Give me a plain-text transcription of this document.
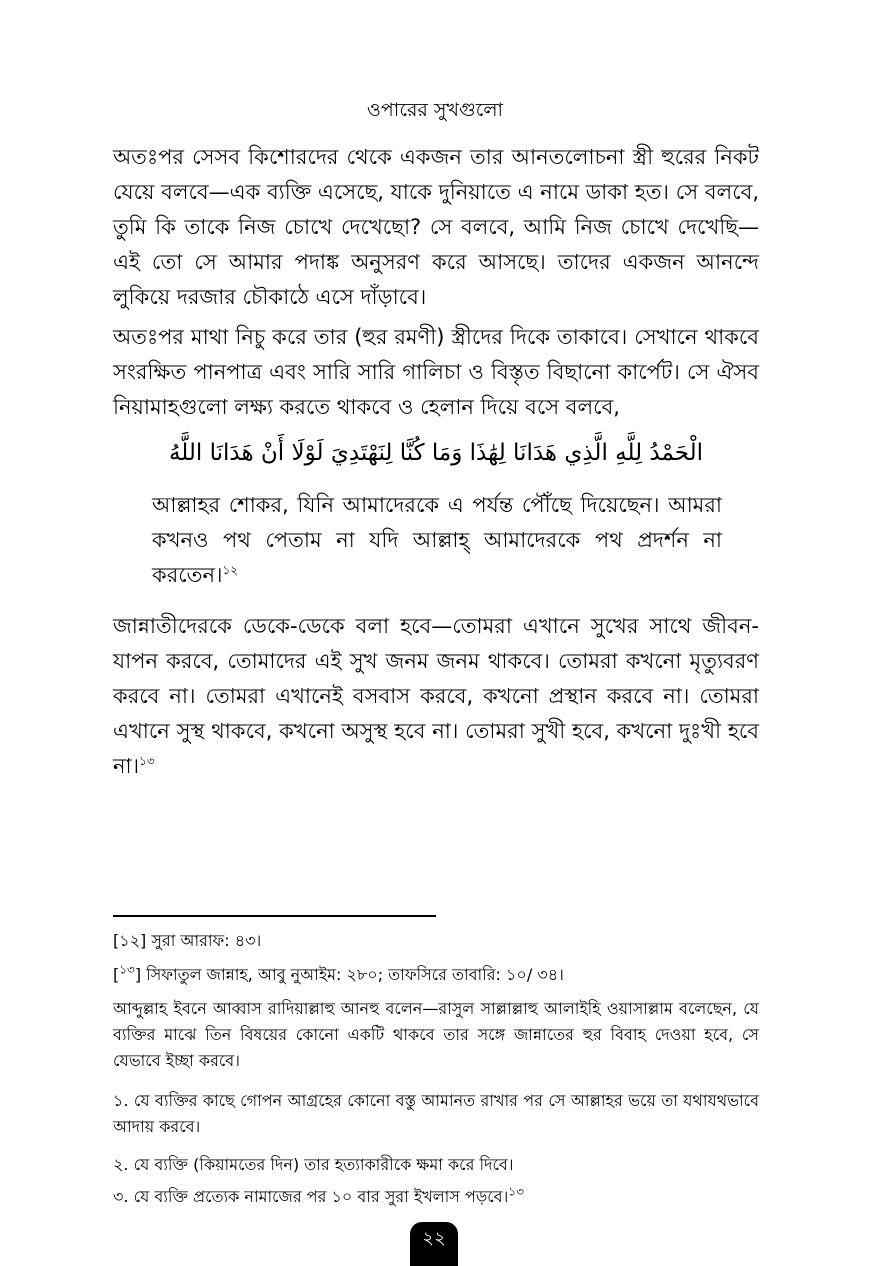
ওপারের সুখগুলো

অতঃপর সেসব কিশোরদের থেকে একজন তার আনতলোচনা স্ত্রী হুরের নিকট যেয়ে বলবে—এক ব্যক্তি এসেছে, যাকে দুনিয়াতে এ নামে ডাকা হত। সে বলবে, তুমি কি তাকে নিজ চোখে দেখেছো? সে বলবে, আমি নিজ চোখে দেখেছি—এই তো সে আমার পদাঙ্ক অনুসরণ করে আসছে। তাদের একজন আনন্দে লুকিয়ে দরজার চৌকাঠে এসে দাঁড়াবে।

অতঃপর মাথা নিচু করে তার (হুর রমণী) স্ত্রীদের দিকে তাকাবে। সেখানে থাকবে সংরক্ষিত পানপাত্র এবং সারি সারি গালিচা ও বিস্তৃত বিছানো কার্পেট। সে ঐসব নিয়ামাহগুলো লক্ষ্য করতে থাকবে ও হেলান দিয়ে বসে বলবে,

الْحَمْدُ لِلَّهِ الَّذِي هَدَانَا لِهَٰذَا وَمَا كُنَّا لِنَهْتَدِيَ لَوْلَا أَنْ هَدَانَا اللَّهُ

আল্লাহর শোকর, যিনি আমাদেরকে এ পর্যন্ত পৌঁছে দিয়েছেন। আমরা কখনও পথ পেতাম না যদি আল্লাহ্ আমাদেরকে পথ প্রদর্শন না করতেন।$^{১২}$

জান্নাতীদেরকে ডেকে-ডেকে বলা হবে—তোমরা এখানে সুখের সাথে জীবন-যাপন করবে, তোমাদের এই সুখ জনম জনম থাকবে। তোমরা কখনো মৃত্যুবরণ করবে না। তোমরা এখানেই বসবাস করবে, কখনো প্রস্থান করবে না। তোমরা এখানে সুস্থ থাকবে, কখনো অসুস্থ হবে না। তোমরা সুখী হবে, কখনো দুঃখী হবে না।$^{১৩}$

[১২] সুরা আরাফ: ৪৩।

[$^{১৩}$] সিফাতুল জান্নাহ, আবু নুআইম: ২৮০; তাফসিরে তাবারি: ১০/ ৩৪।

আব্দুল্লাহ ইবনে আব্বাস রাদিয়াল্লাহু আনহু বলেন—রাসুল সাল্লাল্লাহু আলাইহি ওয়াসাল্লাম বলেছেন, যে ব্যক্তির মাঝে তিন বিষয়ের কোনো একটি থাকবে তার সঙ্গে জান্নাতের হুর বিবাহ দেওয়া হবে, সে যেভাবে ইচ্ছা করবে।

১. যে ব্যক্তির কাছে গোপন আগ্রহের কোনো বস্তু আমানত রাখার পর সে আল্লাহর ভয়ে তা যথাযথভাবে আদায় করবে।

২. যে ব্যক্তি (কিয়ামতের দিন) তার হত্যাকারীকে ক্ষমা করে দিবে।

৩. যে ব্যক্তি প্রত্যেক নামাজের পর ১০ বার সুরা ইখলাস পড়বে।$^{১৩}$

২২
